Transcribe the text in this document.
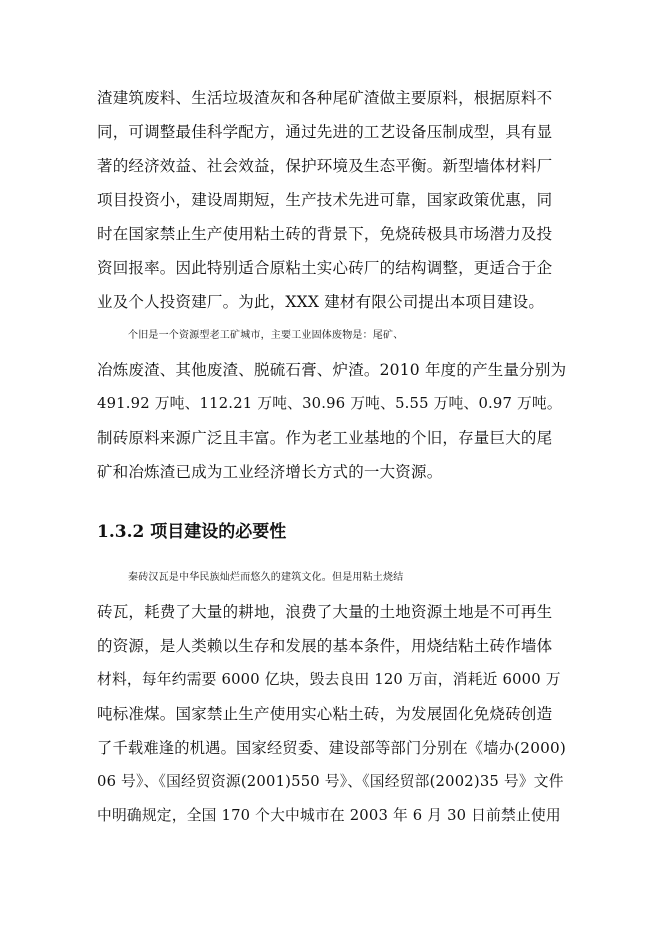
渣建筑废料、生活垃圾渣灰和各种尾矿渣做主要原料，根据原料不
同，可调整最佳科学配方，通过先进的工艺设备压制成型，具有显
著的经济效益、社会效益，保护环境及生态平衡。新型墙体材料厂
项目投资小，建设周期短，生产技术先进可靠，国家政策优惠，同
时在国家禁止生产使用粘土砖的背景下，免烧砖极具市场潜力及投
资回报率。因此特别适合原粘土实心砖厂的结构调整，更适合于企
业及个人投资建厂。为此，XXX 建材有限公司提出本项目建设。
个旧是一个资源型老工矿城市，主要工业固体废物是：尾矿、
冶炼废渣、其他废渣、脱硫石膏、炉渣。2010 年度的产生量分别为
491.92 万吨、112.21 万吨、30.96 万吨、5.55 万吨、0.97 万吨。
制砖原料来源广泛且丰富。作为老工业基地的个旧，存量巨大的尾
矿和冶炼渣已成为工业经济增长方式的一大资源。
1.3.2 项目建设的必要性
秦砖汉瓦是中华民族灿烂而悠久的建筑文化。但是用粘土烧结
砖瓦，耗费了大量的耕地，浪费了大量的土地资源土地是不可再生
的资源，是人类赖以生存和发展的基本条件，用烧结粘土砖作墙体
材料，每年约需要 6000 亿块，毁去良田 120 万亩，消耗近 6000 万
吨标准煤。国家禁止生产使用实心粘土砖，为发展固化免烧砖创造
了千载难逢的机遇。国家经贸委、建设部等部门分别在《墙办(2000)
06 号》、《国经贸资源(2001)550 号》、《国经贸部(2002)35 号》文件
中明确规定，全国 170 个大中城市在 2003 年 6 月 30 日前禁止使用
